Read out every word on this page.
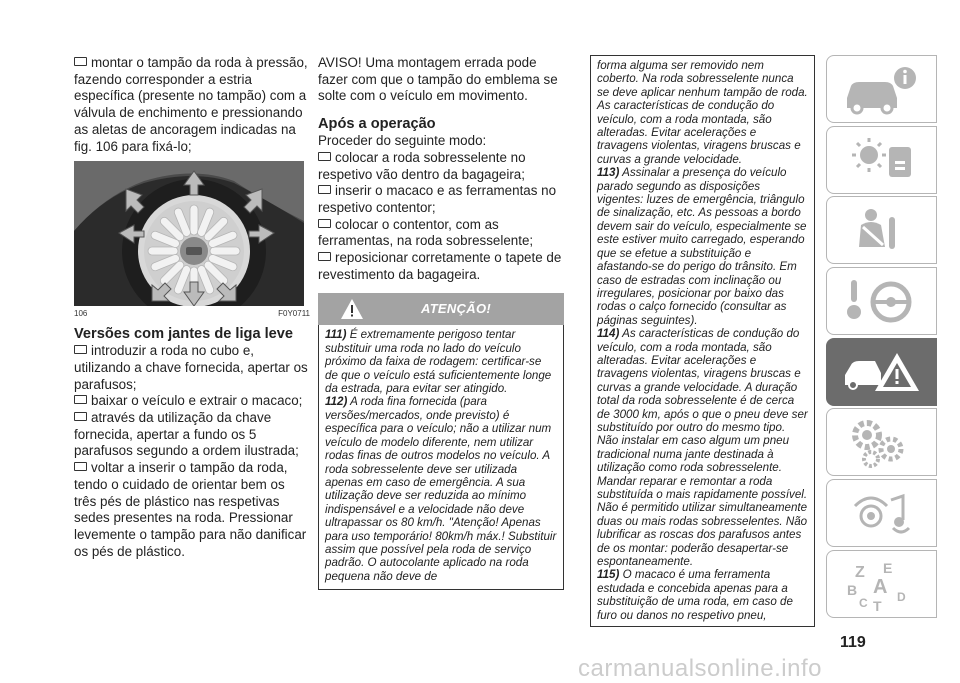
montar o tampão da roda à pressão, fazendo corresponder a estria específica (presente no tampão) com a válvula de enchimento e pressionando as aletas de ancoragem indicadas na fig. 106 para fixá-lo;

106	F0Y0711
Versões com jantes de liga leve

introduzir a roda no cubo e, utilizando a chave fornecida, apertar os parafusos;

baixar o veículo e extrair o macaco;

através da utilização da chave fornecida, apertar a fundo os 5 parafusos segundo a ordem ilustrada;

voltar a inserir o tampão da roda, tendo o cuidado de orientar bem os três pés de plástico nas respetivas sedes presentes na roda. Pressionar levemente o tampão para não danificar os pés de plástico.

AVISO! Uma montagem errada pode fazer com que o tampão do emblema se solte com o veículo em movimento.

Após a operação

Proceder do seguinte modo:

colocar a roda sobresselente no respetivo vão dentro da bagageira;

inserir o macaco e as ferramentas no respetivo contentor;

colocar o contentor, com as ferramentas, na roda sobresselente;

reposicionar corretamente o tapete de revestimento da bagageira.

ATENÇÃO!

111) É extremamente perigoso tentar substituir uma roda no lado do veículo próximo da faixa de rodagem: certificar-se de que o veículo está suficientemente longe da estrada, para evitar ser atingido.

112) A roda fina fornecida (para versões/mercados, onde previsto) é específica para o veículo; não a utilizar num veículo de modelo diferente, nem utilizar rodas finas de outros modelos no veículo. A roda sobresselente deve ser utilizada apenas em caso de emergência. A sua utilização deve ser reduzida ao mínimo indispensável e a velocidade não deve ultrapassar os 80 km/h. "Atenção! Apenas para uso temporário! 80km/h máx.! Substituir assim que possível pela roda de serviço padrão. O autocolante aplicado na roda pequena não deve de

forma alguma ser removido nem coberto. Na roda sobresselente nunca se deve aplicar nenhum tampão de roda. As características de condução do veículo, com a roda montada, são alteradas. Evitar acelerações e travagens violentas, viragens bruscas e curvas a grande velocidade.

113) Assinalar a presença do veículo parado segundo as disposições vigentes: luzes de emergência, triângulo de sinalização, etc. As pessoas a bordo devem sair do veículo, especialmente se este estiver muito carregado, esperando que se efetue a substituição e afastando-se do perigo do trânsito. Em caso de estradas com inclinação ou irregulares, posicionar por baixo das rodas o calço fornecido (consultar as páginas seguintes).

114) As características de condução do veículo, com a roda montada, são alteradas. Evitar acelerações e travagens violentas, viragens bruscas e curvas a grande velocidade. A duração total da roda sobresselente é de cerca de 3000 km, após o que o pneu deve ser substituído por outro do mesmo tipo. Não instalar em caso algum um pneu tradicional numa jante destinada à utilização como roda sobresselente. Mandar reparar e remontar a roda substituída o mais rapidamente possível. Não é permitido utilizar simultaneamente duas ou mais rodas sobresselentes. Não lubrificar as roscas dos parafusos antes de os montar: poderão desapertar-se espontaneamente.

115) O macaco é uma ferramenta estudada e concebida apenas para a substituição de uma roda, em caso de furo ou danos no respetivo pneu,

Z E
B A
C T
D
119
carmanualsonline.info
